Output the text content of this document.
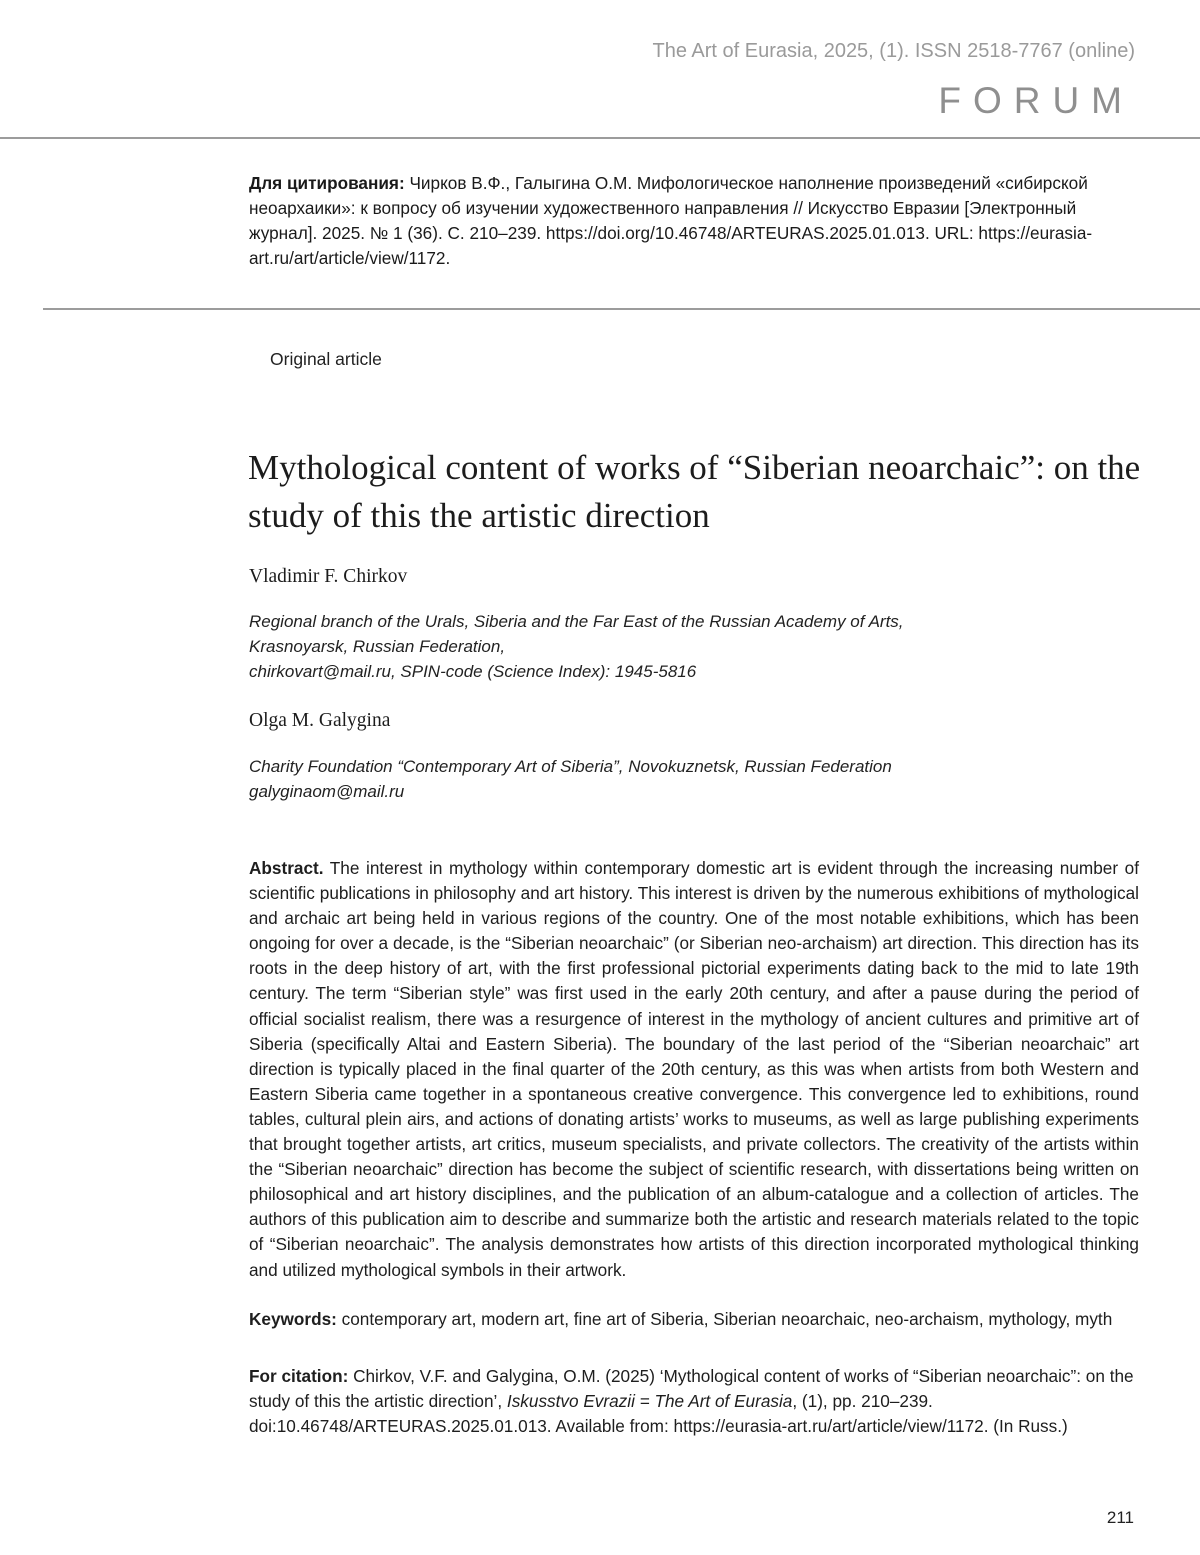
The Art of Eurasia, 2025, (1). ISSN 2518-7767 (online)
FORUM
Для цитирования: Чирков В.Ф., Галыгина О.М. Мифологическое наполнение произведений «сибирской неоархаики»: к вопросу об изучении художественного направления // Искусство Евразии [Электронный журнал]. 2025. № 1 (36). С. 210–239. https://doi.org/10.46748/ARTEURAS.2025.01.013. URL: https://eurasia-art.ru/art/article/view/1172.
Original article
Mythological content of works of “Siberian neoarchaic”: on the study of this the artistic direction
Vladimir F. Chirkov
Regional branch of the Urals, Siberia and the Far East of the Russian Academy of Arts,
Krasnoyarsk, Russian Federation,
chirkovart@mail.ru, SPIN-code (Science Index): 1945-5816
Olga M. Galygina
Charity Foundation “Contemporary Art of Siberia”, Novokuznetsk, Russian Federation
galyginaom@mail.ru
Abstract. The interest in mythology within contemporary domestic art is evident through the increasing number of scientific publications in philosophy and art history. This interest is driven by the numerous exhibitions of mythological and archaic art being held in various regions of the country. One of the most notable exhibitions, which has been ongoing for over a decade, is the “Siberian neoarchaic” (or Siberian neo-archaism) art direction. This direction has its roots in the deep history of art, with the first professional pictorial experiments dating back to the mid to late 19th century. The term “Siberian style” was first used in the early 20th century, and after a pause during the period of official socialist realism, there was a resurgence of interest in the mythology of ancient cultures and primitive art of Siberia (specifically Altai and Eastern Siberia). The boundary of the last period of the “Siberian neoarchaic” art direction is typically placed in the final quarter of the 20th century, as this was when artists from both Western and Eastern Siberia came together in a spontaneous creative convergence. This convergence led to exhibitions, round tables, cultural plein airs, and actions of donating artists’ works to museums, as well as large publishing experiments that brought together artists, art critics, museum specialists, and private collectors. The creativity of the artists within the “Siberian neoarchaic” direction has become the subject of scientific research, with dissertations being written on philosophical and art history disciplines, and the publication of an album-catalogue and a collection of articles. The authors of this publication aim to describe and summarize both the artistic and research materials related to the topic of “Siberian neoarchaic”. The analysis demonstrates how artists of this direction incorporated mythological thinking and utilized mythological symbols in their artwork.
Keywords: contemporary art, modern art, fine art of Siberia, Siberian neoarchaic, neo-archaism, mythology, myth
For citation: Chirkov, V.F. and Galygina, O.M. (2025) ‘Mythological content of works of “Siberian neoarchaic”: on the study of this the artistic direction’, Iskusstvo Evrazii = The Art of Eurasia, (1), pp. 210–239. doi:10.46748/ARTEURAS.2025.01.013. Available from: https://eurasia-art.ru/art/article/view/1172. (In Russ.)
211
